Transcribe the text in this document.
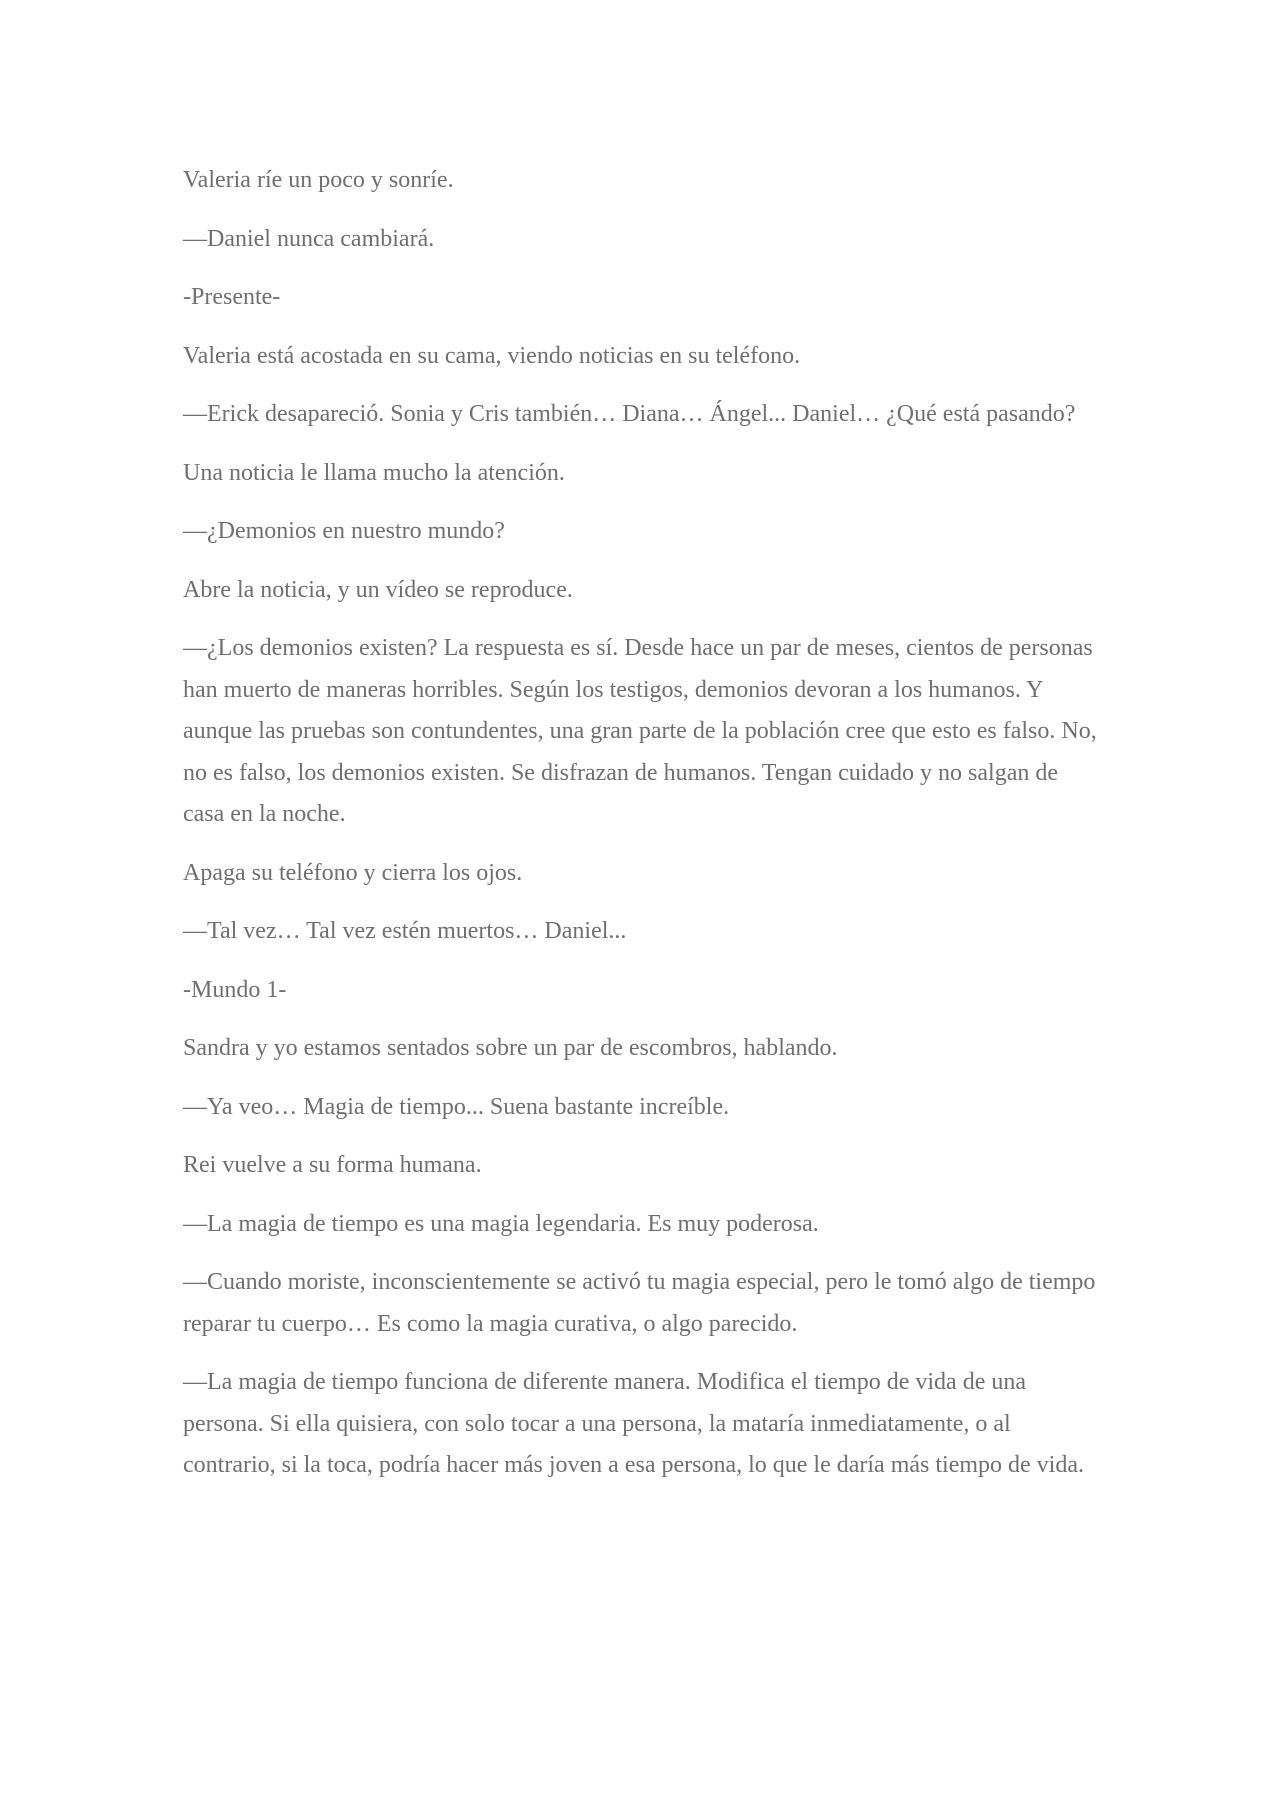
Valeria ríe un poco y sonríe.

—Daniel nunca cambiará.

-Presente-

Valeria está acostada en su cama, viendo noticias en su teléfono.

—Erick desapareció. Sonia y Cris también… Diana… Ángel... Daniel… ¿Qué está pasando?

Una noticia le llama mucho la atención.

—¿Demonios en nuestro mundo?

Abre la noticia, y un vídeo se reproduce.

—¿Los demonios existen? La respuesta es sí. Desde hace un par de meses, cientos de personas han muerto de maneras horribles. Según los testigos, demonios devoran a los humanos. Y aunque las pruebas son contundentes, una gran parte de la población cree que esto es falso. No, no es falso, los demonios existen. Se disfrazan de humanos. Tengan cuidado y no salgan de casa en la noche.

Apaga su teléfono y cierra los ojos.

—Tal vez… Tal vez estén muertos… Daniel...

-Mundo 1-

Sandra y yo estamos sentados sobre un par de escombros, hablando.

—Ya veo… Magia de tiempo... Suena bastante increíble.

Rei vuelve a su forma humana.

—La magia de tiempo es una magia legendaria. Es muy poderosa.

—Cuando moriste, inconscientemente se activó tu magia especial, pero le tomó algo de tiempo reparar tu cuerpo… Es como la magia curativa, o algo parecido.

—La magia de tiempo funciona de diferente manera. Modifica el tiempo de vida de una persona. Si ella quisiera, con solo tocar a una persona, la mataría inmediatamente, o al contrario, si la toca, podría hacer más joven a esa persona, lo que le daría más tiempo de vida.
